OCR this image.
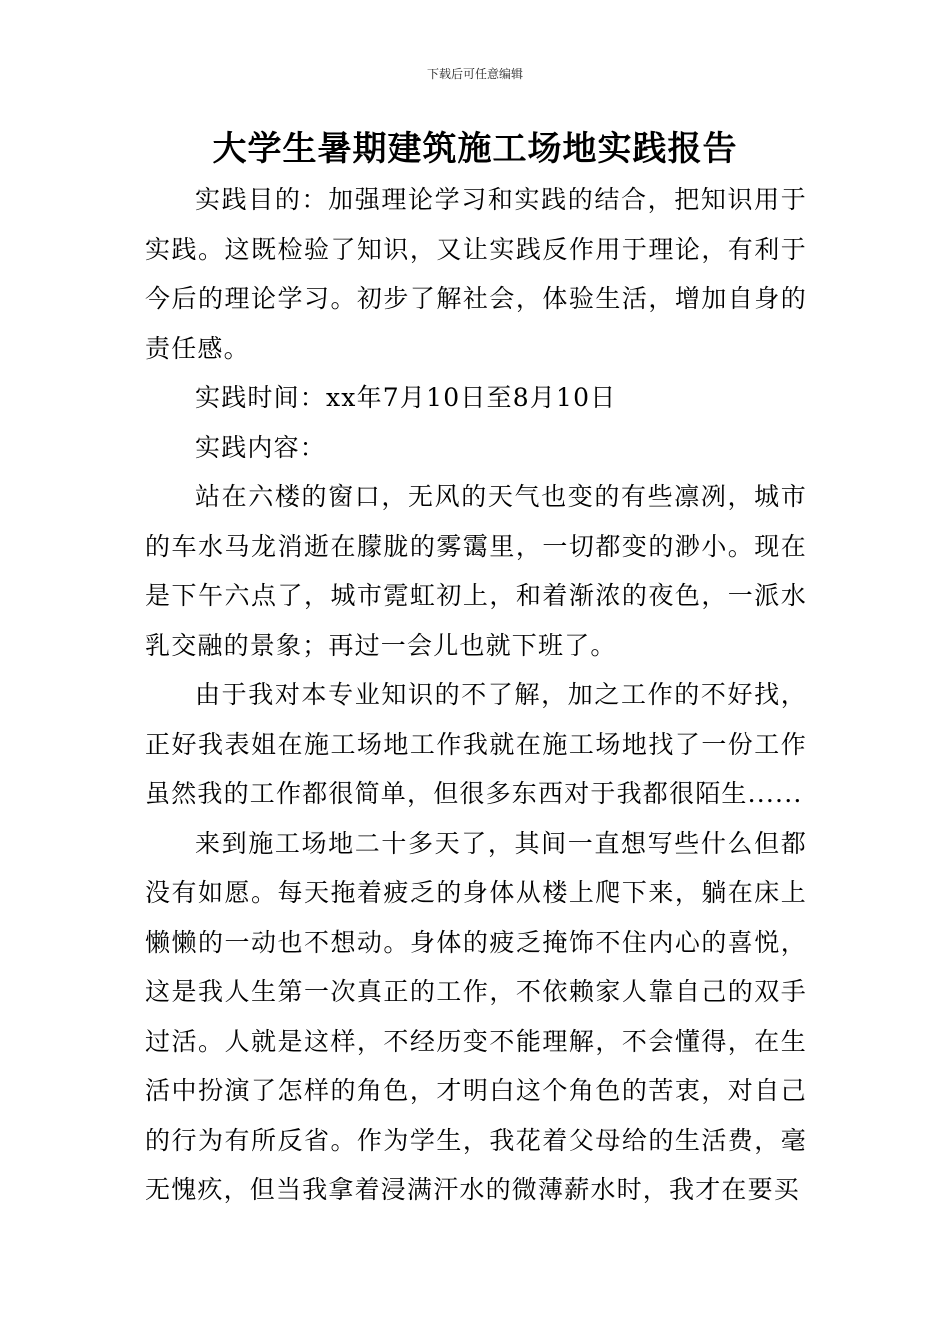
下载后可任意编辑
大学生暑期建筑施工场地实践报告

实践目的：加强理论学习和实践的结合，把知识用于实践。这既检验了知识，又让实践反作用于理论，有利于今后的理论学习。初步了解社会，体验生活，增加自身的责任感。

实践时间：xx年7月10日至8月10日

实践内容：

站在六楼的窗口，无风的天气也变的有些凛冽，城市的车水马龙消逝在朦胧的雾霭里，一切都变的渺小。现在是下午六点了，城市霓虹初上，和着渐浓的夜色，一派水乳交融的景象；再过一会儿也就下班了。

由于我对本专业知识的不了解，加之工作的不好找，正好我表姐在施工场地工作我就在施工场地找了一份工作虽然我的工作都很简单，但很多东西对于我都很陌生......

来到施工场地二十多天了，其间一直想写些什么但都没有如愿。每天拖着疲乏的身体从楼上爬下来，躺在床上懒懒的一动也不想动。身体的疲乏掩饰不住内心的喜悦，这是我人生第一次真正的工作，不依赖家人靠自己的双手过活。人就是这样，不经历变不能理解，不会懂得，在生活中扮演了怎样的角色，才明白这个角色的苦衷，对自己的行为有所反省。作为学生，我花着父母给的生活费，毫无愧疚，但当我拿着浸满汗水的微薄薪水时，我才在要买
